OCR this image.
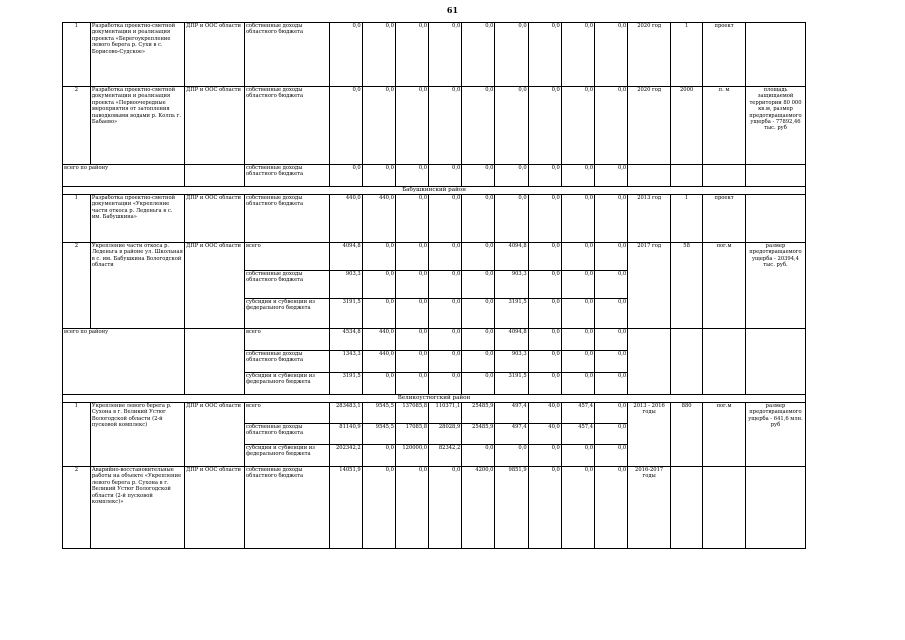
61
1	Разработка проектно-сметной документации и реализация проекта «Берегоукрепление левого берега р. Сухи в с. Борисово-Судское»	ДПР и ООС области	собственные доходы областного бюджета	0,0	0,0	0,0	0,0	0,0	0,0	0,0	0,0	0,0	2020 год	1	проект	
2	Разработка проектно-сметной документации и реализация проекта «Первоочередные мероприятия от затопления паводковыми водами р. Колпь г. Бабаево»	ДПР и ООС области	собственные доходы областного бюджета	0,0	0,0	0,0	0,0	0,0	0,0	0,0	0,0	0,0	2020 год	2000	п. м	площадь защищаемой территории 80 000 кв.м, размер предотвращаемого ущерба - 77892,46 тыс. руб
всего по району			собственные доходы областного бюджета	0,0	0,0	0,0	0,0	0,0	0,0	0,0	0,0	0,0				
Бабушкинский район																
1	Разработка проектно-сметной документации «Укрепление части откоса р. Леденьга в с. им. Бабушкина»	ДПР и ООС области	собственные доходы областного бюджета	440,0	440,0	0,0	0,0	0,0	0,0	0,0	0,0	0,0	2013 год	1	проект	
2	Укрепление части откоса р. Леденьга в районе ул. Школьная в с. им. Бабушкина Вологодской области	ДПР и ООС области	всего	4094,8	0,0	0,0	0,0	0,0	4094,8	0,0	0,0	0,0	2017 год	58	пог.м	размер предотвращаемого ущерба - 20394,4 тыс. руб.
			собственные доходы областного бюджета	903,3	0,0	0,0	0,0	0,0	903,3	0,0	0,0	0,0				
			субсидии и субвенции из федерального бюджета	3191,5	0,0	0,0	0,0	0,0	3191,5	0,0	0,0	0,0				
всего по району			всего	4534,8	440,0	0,0	0,0	0,0	4094,8	0,0	0,0	0,0				
			собственные доходы областного бюджета	1343,3	440,0	0,0	0,0	0,0	903,3	0,0	0,0	0,0				
			субсидии и субвенции из федерального бюджета	3191,5	0,0	0,0	0,0	0,0	3191,5	0,0	0,0	0,0				
Великоустюгский район																
1	Укрепление левого берега р. Сухона в г. Великий Устюг Вологодской области (2-й пусковой комплекс)	ДПР и ООС области	всего	283483,1	9545,5	137085,8	110371,1	25485,9	497,4	40,0	457,4	0,0	2013 - 2016 годы	880	пог.м	размер предотвращаемого ущерба - 641,6 млн. руб
			собственные доходы областного бюджета	81140,9	9545,5	17085,8	28028,9	25485,9	497,4	40,0	457,4	0,0				
			субсидии и субвенции из федерального бюджета	202342,2	0,0	120000,0	82342,2	0,0	0,0	0,0	0,0	0,0				
2	Аварийно-восстановительные работы на объекте «Укрепление левого берега р. Сухона в г. Великий Устюг Вологодской области (2-й пусковой комплекс)»	ДПР и ООС области	собственные доходы областного бюджета	14051,9	0,0	0,0	0,0	4200,0	9851,9	0,0	0,0	0,0	2016-2017 годы			
